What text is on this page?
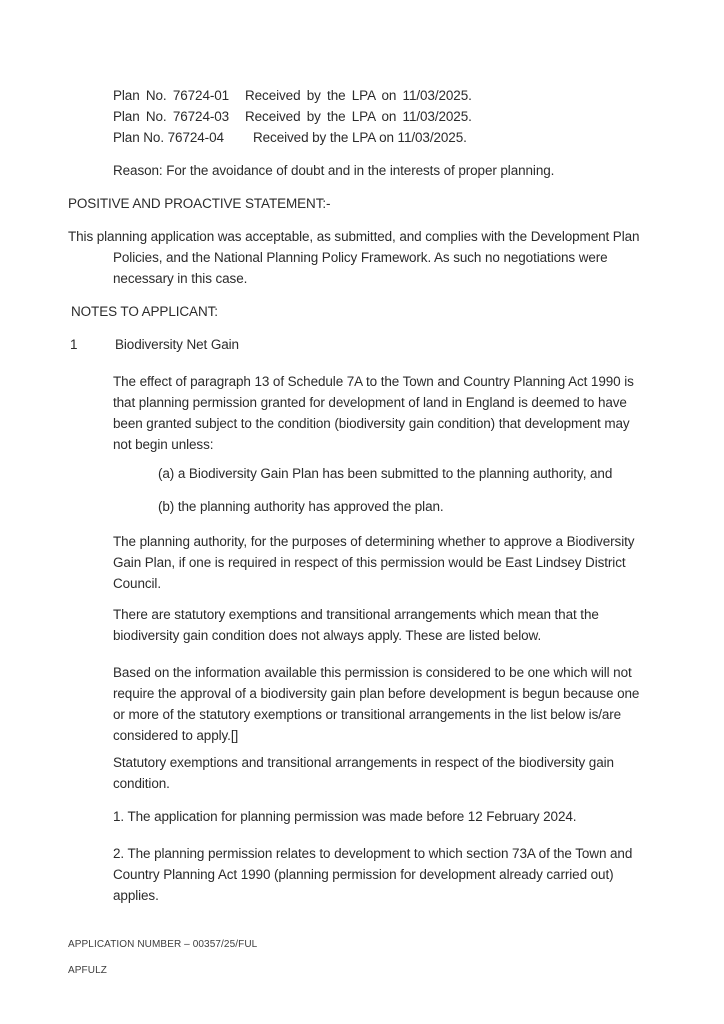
Plan No. 76724-01 Received by the LPA on 11/03/2025.
Plan No. 76724-03 Received by the LPA on 11/03/2025.
Plan No. 76724-04 Received by the LPA on 11/03/2025.
Reason: For the avoidance of doubt and in the interests of proper planning.
POSITIVE AND PROACTIVE STATEMENT:-
This planning application was acceptable, as submitted, and complies with the Development Plan
Policies, and the National Planning Policy Framework. As such no negotiations were
necessary in this case.
NOTES TO APPLICANT:
1	Biodiversity Net Gain
The effect of paragraph 13 of Schedule 7A to the Town and Country Planning Act 1990 is
that planning permission granted for development of land in England is deemed to have
been granted subject to the condition (biodiversity gain condition) that development may
not begin unless:
(a) a Biodiversity Gain Plan has been submitted to the planning authority, and
(b) the planning authority has approved the plan.
The planning authority, for the purposes of determining whether to approve a Biodiversity
Gain Plan, if one is required in respect of this permission would be East Lindsey District
Council.
There are statutory exemptions and transitional arrangements which mean that the
biodiversity gain condition does not always apply. These are listed below.
Based on the information available this permission is considered to be one which will not
require the approval of a biodiversity gain plan before development is begun because one
or more of the statutory exemptions or transitional arrangements in the list below is/are
considered to apply.[]
Statutory exemptions and transitional arrangements in respect of the biodiversity gain
condition.
1. The application for planning permission was made before 12 February 2024.
2. The planning permission relates to development to which section 73A of the Town and
Country Planning Act 1990 (planning permission for development already carried out)
applies.
APPLICATION NUMBER – 00357/25/FUL
APFULZ
